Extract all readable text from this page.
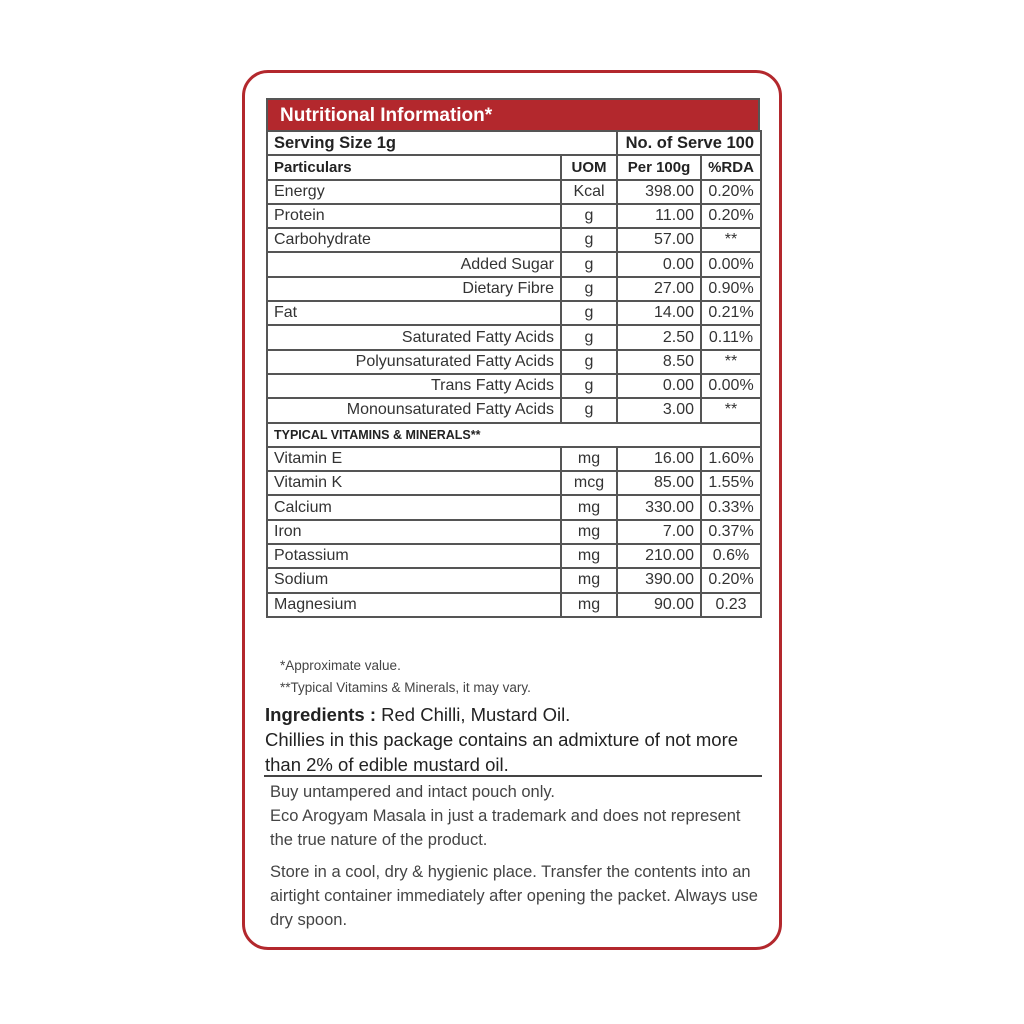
Nutritional Information*
Serving Size 1g		No. of Serve 100	
Particulars	UOM	Per 100g	%RDA
Energy	Kcal	398.00	0.20%
Protein	g	11.00	0.20%
Carbohydrate	g	57.00	**
Added Sugar	g	0.00	0.00%
Dietary Fibre	g	27.00	0.90%
Fat	g	14.00	0.21%
Saturated Fatty Acids	g	2.50	0.11%
Polyunsaturated Fatty Acids	g	8.50	**
Trans Fatty Acids	g	0.00	0.00%
Monounsaturated Fatty Acids	g	3.00	**
TYPICAL VITAMINS & MINERALS**			
Vitamin E	mg	16.00	1.60%
Vitamin K	mcg	85.00	1.55%
Calcium	mg	330.00	0.33%
Iron	mg	7.00	0.37%
Potassium	mg	210.00	0.6%
Sodium	mg	390.00	0.20%
Magnesium	mg	90.00	0.23
*Approximate value.
**Typical Vitamins & Minerals, it may vary.
Ingredients : Red Chilli, Mustard Oil.
Chillies in this package contains an admixture of not more than 2% of edible mustard oil.

Buy untampered and intact pouch only.
Eco Arogyam Masala in just a trademark and does not represent the true nature of the product.

Store in a cool, dry & hygienic place. Transfer the contents into an airtight container immediately after opening the packet. Always use dry spoon.
